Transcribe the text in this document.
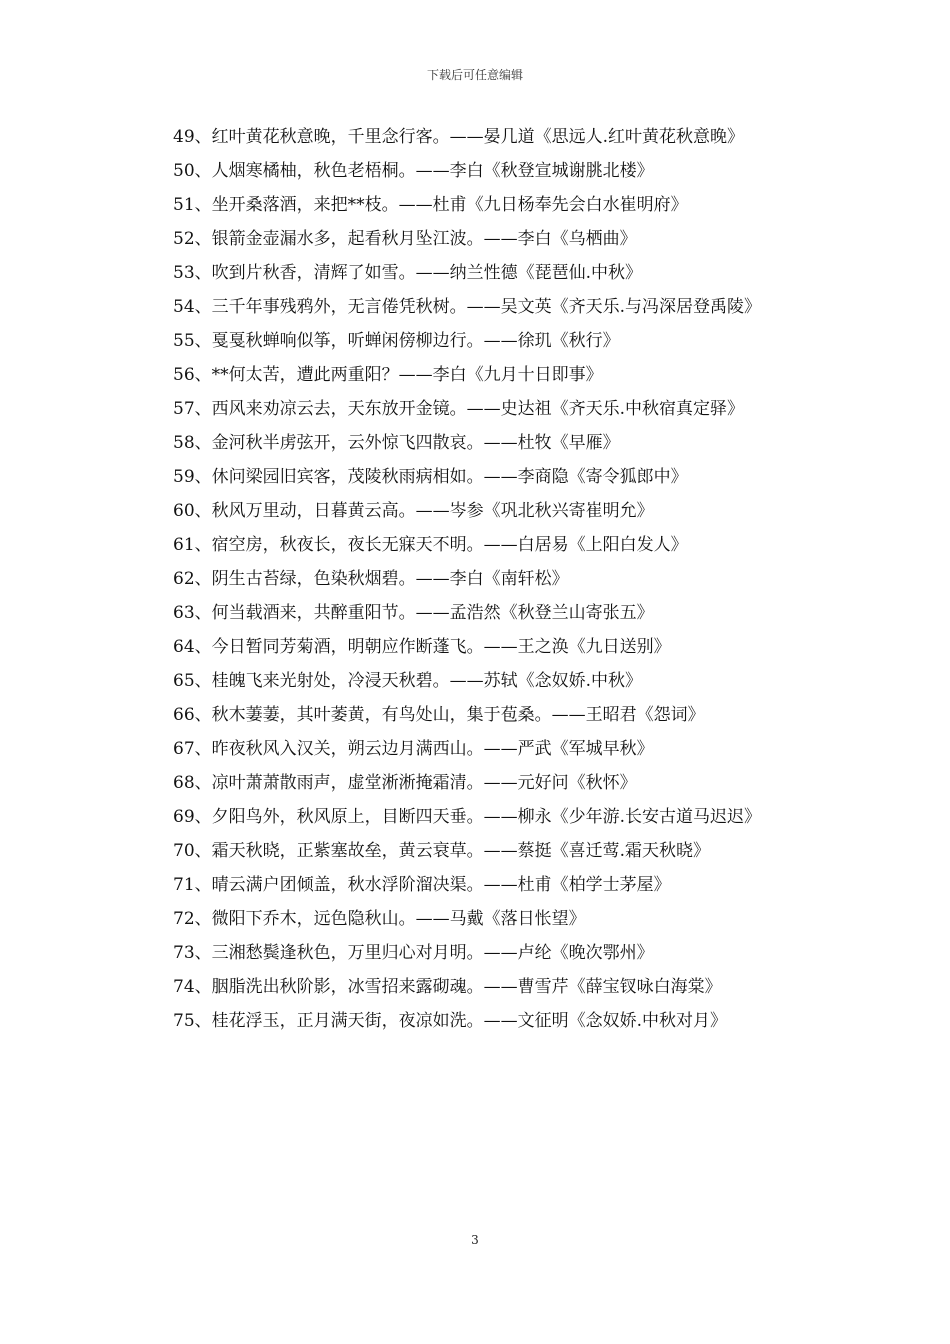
下载后可任意编辑

49、红叶黄花秋意晚，千里念行客。——晏几道《思远人.红叶黄花秋意晚》

50、人烟寒橘柚，秋色老梧桐。——李白《秋登宣城谢朓北楼》

51、坐开桑落酒，来把**枝。——杜甫《九日杨奉先会白水崔明府》

52、银箭金壶漏水多，起看秋月坠江波。——李白《乌栖曲》

53、吹到片秋香，清辉了如雪。——纳兰性德《琵琶仙.中秋》

54、三千年事残鸦外，无言倦凭秋树。——吴文英《齐天乐.与冯深居登禹陵》

55、戛戛秋蝉响似筝，听蝉闲傍柳边行。——徐玑《秋行》

56、**何太苦，遭此两重阳？——李白《九月十日即事》

57、西风来劝凉云去，天东放开金镜。——史达祖《齐天乐.中秋宿真定驿》

58、金河秋半虏弦开，云外惊飞四散哀。——杜牧《早雁》

59、休问梁园旧宾客，茂陵秋雨病相如。——李商隐《寄令狐郎中》

60、秋风万里动，日暮黄云高。——岑参《巩北秋兴寄崔明允》

61、宿空房，秋夜长，夜长无寐天不明。——白居易《上阳白发人》

62、阴生古苔绿，色染秋烟碧。——李白《南轩松》

63、何当载酒来，共醉重阳节。——孟浩然《秋登兰山寄张五》

64、今日暂同芳菊酒，明朝应作断蓬飞。——王之涣《九日送别》

65、桂魄飞来光射处，冷浸天秋碧。——苏轼《念奴娇.中秋》

66、秋木萋萋，其叶萎黄，有鸟处山，集于苞桑。——王昭君《怨词》

67、昨夜秋风入汉关，朔云边月满西山。——严武《军城早秋》

68、凉叶萧萧散雨声，虚堂淅淅掩霜清。——元好问《秋怀》

69、夕阳鸟外，秋风原上，目断四天垂。——柳永《少年游.长安古道马迟迟》

70、霜天秋晓，正紫塞故垒，黄云衰草。——蔡挺《喜迁莺.霜天秋晓》

71、晴云满户团倾盖，秋水浮阶溜决渠。——杜甫《柏学士茅屋》

72、微阳下乔木，远色隐秋山。——马戴《落日怅望》

73、三湘愁鬓逢秋色，万里归心对月明。——卢纶《晚次鄂州》

74、胭脂洗出秋阶影，冰雪招来露砌魂。——曹雪芹《薛宝钗咏白海棠》

75、桂花浮玉，正月满天街，夜凉如洗。——文征明《念奴娇.中秋对月》

3
